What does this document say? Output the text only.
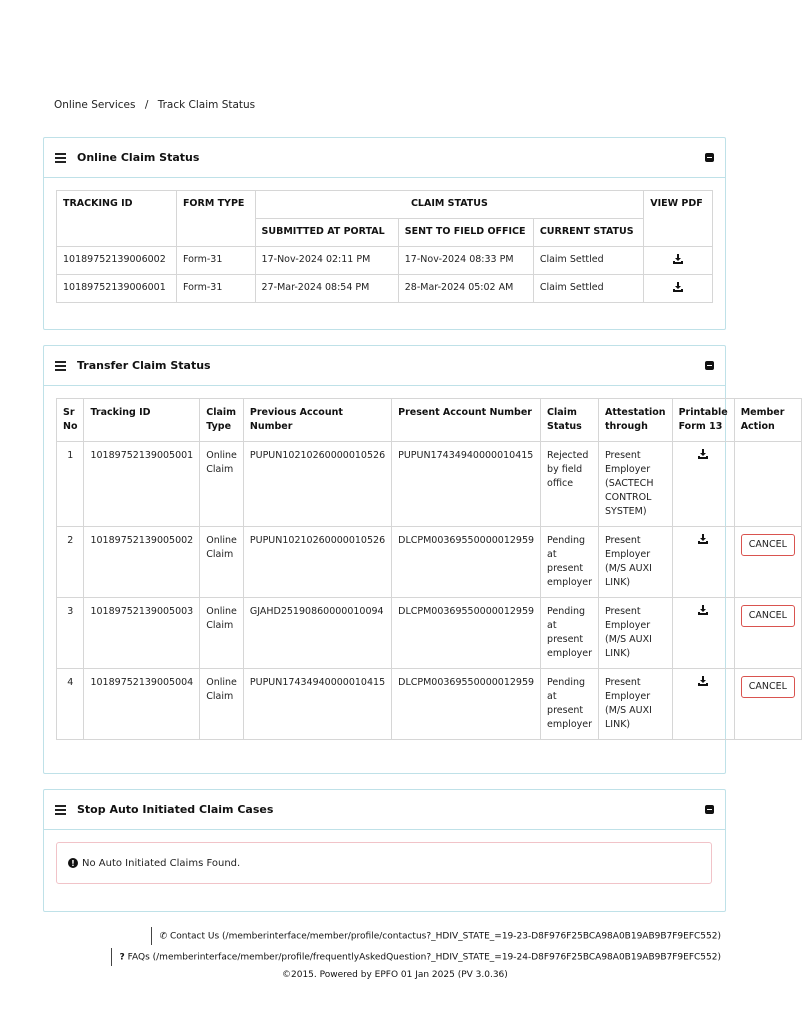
Online Services / Track Claim Status
Online Claim Status
TRACKING ID	FORM TYPE	CLAIM STATUS			VIEW PDF
		SUBMITTED AT PORTAL	SENT TO FIELD OFFICE	CURRENT STATUS	
10189752139006002	Form-31	17-Nov-2024 02:11 PM	17-Nov-2024 08:33 PM	Claim Settled	

10189752139006001	Form-31	27-Mar-2024 08:54 PM	28-Mar-2024 05:02 AM	Claim Settled	
Transfer Claim Status
Sr No	Tracking ID	Claim Type	Previous Account Number	Present Account Number	Claim Status	Attestation through	Printable Form 13	Member Action
1	10189752139005001	Online Claim	PUPUN10210260000010526	PUPUN17434940000010415	Rejected by field office	Present Employer (SACTECH CONTROL SYSTEM)	

2	10189752139005002	Online Claim	PUPUN10210260000010526	DLCPM00369550000012959	Pending at present employer	Present Employer (M/S AUXI LINK)		CANCEL
3	10189752139005003	Online Claim	GJAHD25190860000010094	DLCPM00369550000012959	Pending at present employer	Present Employer (M/S AUXI LINK)		CANCEL
4	10189752139005004	Online Claim	PUPUN17434940000010415	DLCPM00369550000012959	Pending at present employer	Present Employer (M/S AUXI LINK)		CANCEL
Stop Auto Initiated Claim Cases
! No Auto Initiated Claims Found.
✆ Contact Us (/memberinterface/member/profile/contactus?_HDIV_STATE_=19-23-D8F976F25BCA98A0B19AB9B7F9EFC552)
? FAQs (/memberinterface/member/profile/frequentlyAskedQuestion?_HDIV_STATE_=19-24-D8F976F25BCA98A0B19AB9B7F9EFC552)
©2015. Powered by EPFO 01 Jan 2025 (PV 3.0.36)
